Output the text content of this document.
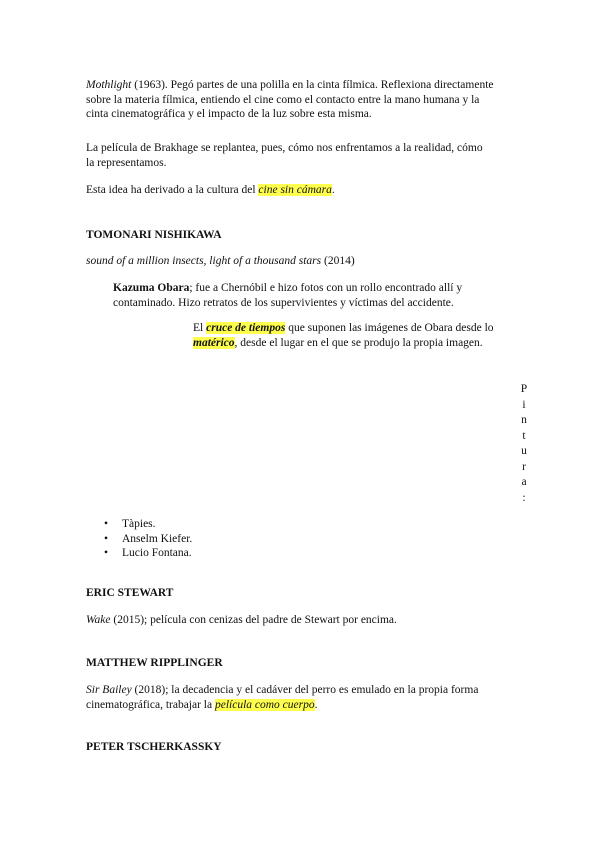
Mothlight (1963). Pegó partes de una polilla en la cinta fílmica. Reflexiona directamente
sobre la materia fílmica, entiendo el cine como el contacto entre la mano humana y la
cinta cinematográfica y el impacto de la luz sobre esta misma.
La película de Brakhage se replantea, pues, cómo nos enfrentamos a la realidad, cómo
la representamos.
Esta idea ha derivado a la cultura del cine sin cámara.
TOMONARI NISHIKAWA
sound of a million insects, light of a thousand stars (2014)
Kazuma Obara; fue a Chernóbil e hizo fotos con un rollo encontrado allí y
contaminado. Hizo retratos de los supervivientes y víctimas del accidente.
El cruce de tiempos que suponen las imágenes de Obara desde lo
matérico, desde el lugar en el que se produjo la propia imagen.
P
i
n
t
u
r
a
:
• Tàpies.
• Anselm Kiefer.
• Lucio Fontana.
ERIC STEWART
Wake (2015); película con cenizas del padre de Stewart por encima.
MATTHEW RIPPLINGER
Sir Bailey (2018); la decadencia y el cadáver del perro es emulado en la propia forma
cinematográfica, trabajar la película como cuerpo.
PETER TSCHERKASSKY
